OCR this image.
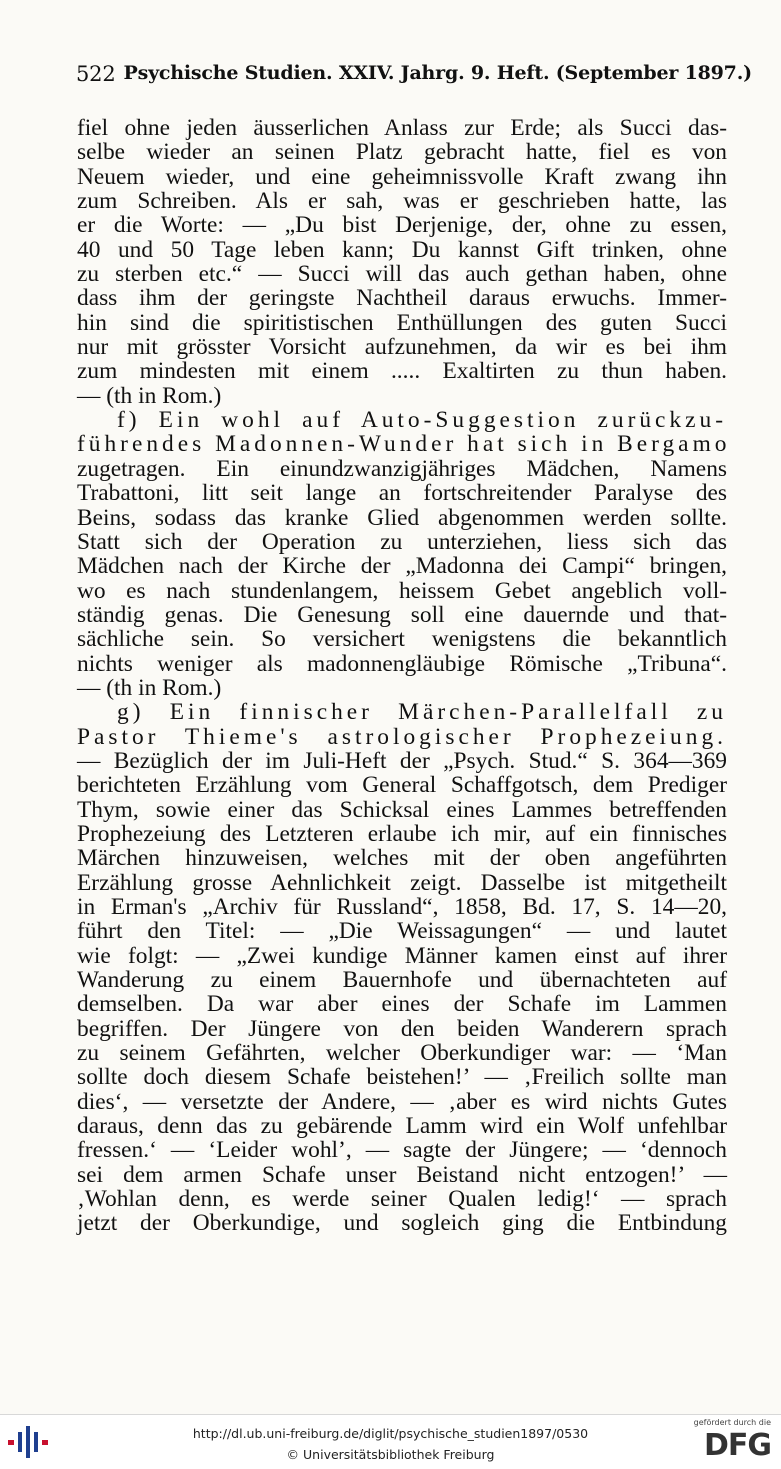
522 Psychische Studien. XXIV. Jahrg. 9. Heft. (September 1897.)
fiel ohne jeden äusserlichen Anlass zur Erde; als Succi das-
selbe wieder an seinen Platz gebracht hatte, fiel es von
Neuem wieder, und eine geheimnissvolle Kraft zwang ihn
zum Schreiben. Als er sah, was er geschrieben hatte, las
er die Worte: — „Du bist Derjenige, der, ohne zu essen,
40 und 50 Tage leben kann; Du kannst Gift trinken, ohne
zu sterben etc.“ — Succi will das auch gethan haben, ohne
dass ihm der geringste Nachtheil daraus erwuchs. Immer-
hin sind die spiritistischen Enthüllungen des guten Succi
nur mit grösster Vorsicht aufzunehmen, da wir es bei ihm
zum mindesten mit einem ..... Exaltirten zu thun haben.
— (th in Rom.)
f) Ein wohl auf Auto-Suggestion zurückzu-
führendes Madonnen-Wunder hat sich in Bergamo
zugetragen. Ein einundzwanzigjähriges Mädchen, Namens
Trabattoni, litt seit lange an fortschreitender Paralyse des
Beins, sodass das kranke Glied abgenommen werden sollte.
Statt sich der Operation zu unterziehen, liess sich das
Mädchen nach der Kirche der „Madonna dei Campi“ bringen,
wo es nach stundenlangem, heissem Gebet angeblich voll-
ständig genas. Die Genesung soll eine dauernde und that-
sächliche sein. So versichert wenigstens die bekanntlich
nichts weniger als madonnengläubige Römische „Tribuna“.
— (th in Rom.)
g) Ein finnischer Märchen-Parallelfall zu
Pastor Thieme's astrologischer Prophezeiung.
— Bezüglich der im Juli-Heft der „Psych. Stud.“ S. 364—369
berichteten Erzählung vom General Schaffgotsch, dem Prediger
Thym, sowie einer das Schicksal eines Lammes betreffenden
Prophezeiung des Letzteren erlaube ich mir, auf ein finnisches
Märchen hinzuweisen, welches mit der oben angeführten
Erzählung grosse Aehnlichkeit zeigt. Dasselbe ist mitgetheilt
in Erman's „Archiv für Russland“, 1858, Bd. 17, S. 14—20,
führt den Titel: — „Die Weissagungen“ — und lautet
wie folgt: — „Zwei kundige Männer kamen einst auf ihrer
Wanderung zu einem Bauernhofe und übernachteten auf
demselben. Da war aber eines der Schafe im Lammen
begriffen. Der Jüngere von den beiden Wanderern sprach
zu seinem Gefährten, welcher Oberkundiger war: — ‘Man
sollte doch diesem Schafe beistehen!’ — ‚Freilich sollte man
dies‘, — versetzte der Andere, — ‚aber es wird nichts Gutes
daraus, denn das zu gebärende Lamm wird ein Wolf unfehlbar
fressen.‘ — ‘Leider wohl’, — sagte der Jüngere; — ‘dennoch
sei dem armen Schafe unser Beistand nicht entzogen!’ —
‚Wohlan denn, es werde seiner Qualen ledig!‘ — sprach
jetzt der Oberkundige, und sogleich ging die Entbindung
http://dl.ub.uni-freiburg.de/diglit/psychische_studien1897/0530
© Universitätsbibliothek Freiburg
gefördert durch die
DFG
